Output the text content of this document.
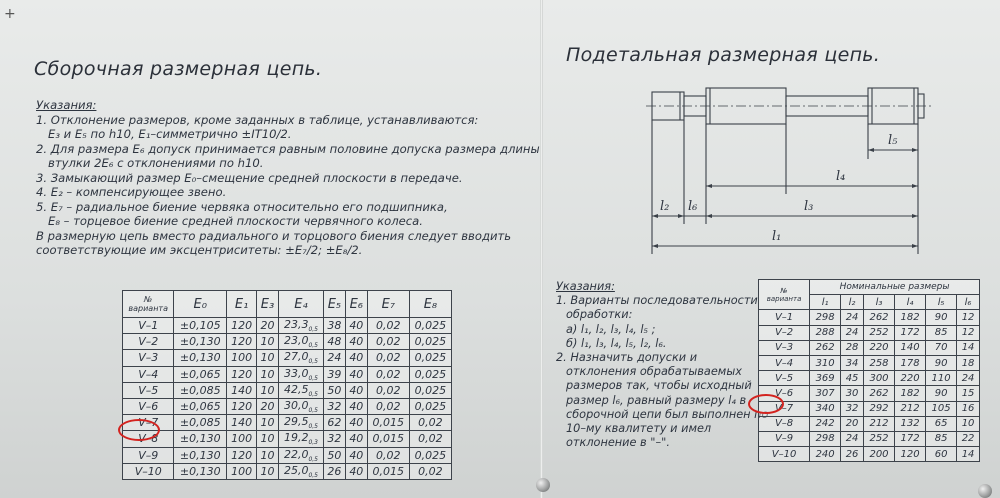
+
Сборочная размерная цепь.
Указания:
1. Отклонение размеров, кроме заданных в таблице, устанавливаются:
E₃ и E₅ по h10, E₁–симметрично ±IT10/2.
2. Для размера E₆ допуск принимается равным половине допуска размера длины
втулки 2E₆ с отклонениями по h10.
3. Замыкающий размер E₀–смещение средней плоскости в передаче.
4. E₂ – компенсирующее звено.
5. E₇ – радиальное биение червяка относительно его подшипника,
E₈ – торцевое биение средней плоскости червячного колеса.
В размерную цепь вместо радиального и торцового биения следует вводить
соответствующие им эксцентриситеты: ±E₇/2; ±E₈/2.
№
варианта	E₀	E₁	E₃	E₄	E₅	E₆	E₇	E₈
V–1	±0,105	120	20	$23,3_{0,5}$	38	40	0,02	0,025
V–2	±0,130	120	10	$23,0_{0,5}$	48	40	0,02	0,025
V–3	±0,130	100	10	$27,0_{0,5}$	24	40	0,02	0,025
V–4	±0,065	120	10	$33,0_{0,5}$	39	40	0,02	0,025
V–5	±0,085	140	10	$42,5_{0,5}$	50	40	0,02	0,025
V–6	±0,065	120	20	$30,0_{0,5}$	32	40	0,02	0,025
V–7	±0,085	140	10	$29,5_{0,5}$	62	40	0,015	0,02
V–8	±0,130	100	10	$19,2_{0,3}$	32	40	0,015	0,02
V–9	±0,130	120	10	$22,0_{0,5}$	50	40	0,02	0,025
V–10	±0,130	100	10	$25,0_{0,5}$	26	40	0,015	0,02
Подетальная размерная цепь.
l₅
l₄
l₃
l₂ l₆
l₁
Указания:
1. Варианты последовательности
обработки:
а) l₁, l₂, l₃, l₄, l₅ ;
б) l₁, l₃, l₄, l₅, l₂, l₆.
2. Назначить допуски и
отклонения обрабатываемых
размеров так, чтобы исходный
размер l₆, равный размеру l₄ в
сборочной цепи был выполнен по
10–му квалитету и имел
отклонение в "–".
№
варианта	Номинальные размеры					
	l₁	l₂	l₃	l₄	l₅	l₆
V–1	298	24	262	182	90	12
V–2	288	24	252	172	85	12
V–3	262	28	220	140	70	14
V–4	310	34	258	178	90	18
V–5	369	45	300	220	110	24
V–6	307	30	262	182	90	15
V–7	340	32	292	212	105	16
V–8	242	20	212	132	65	10
V–9	298	24	252	172	85	22
V–10	240	26	200	120	60	14
